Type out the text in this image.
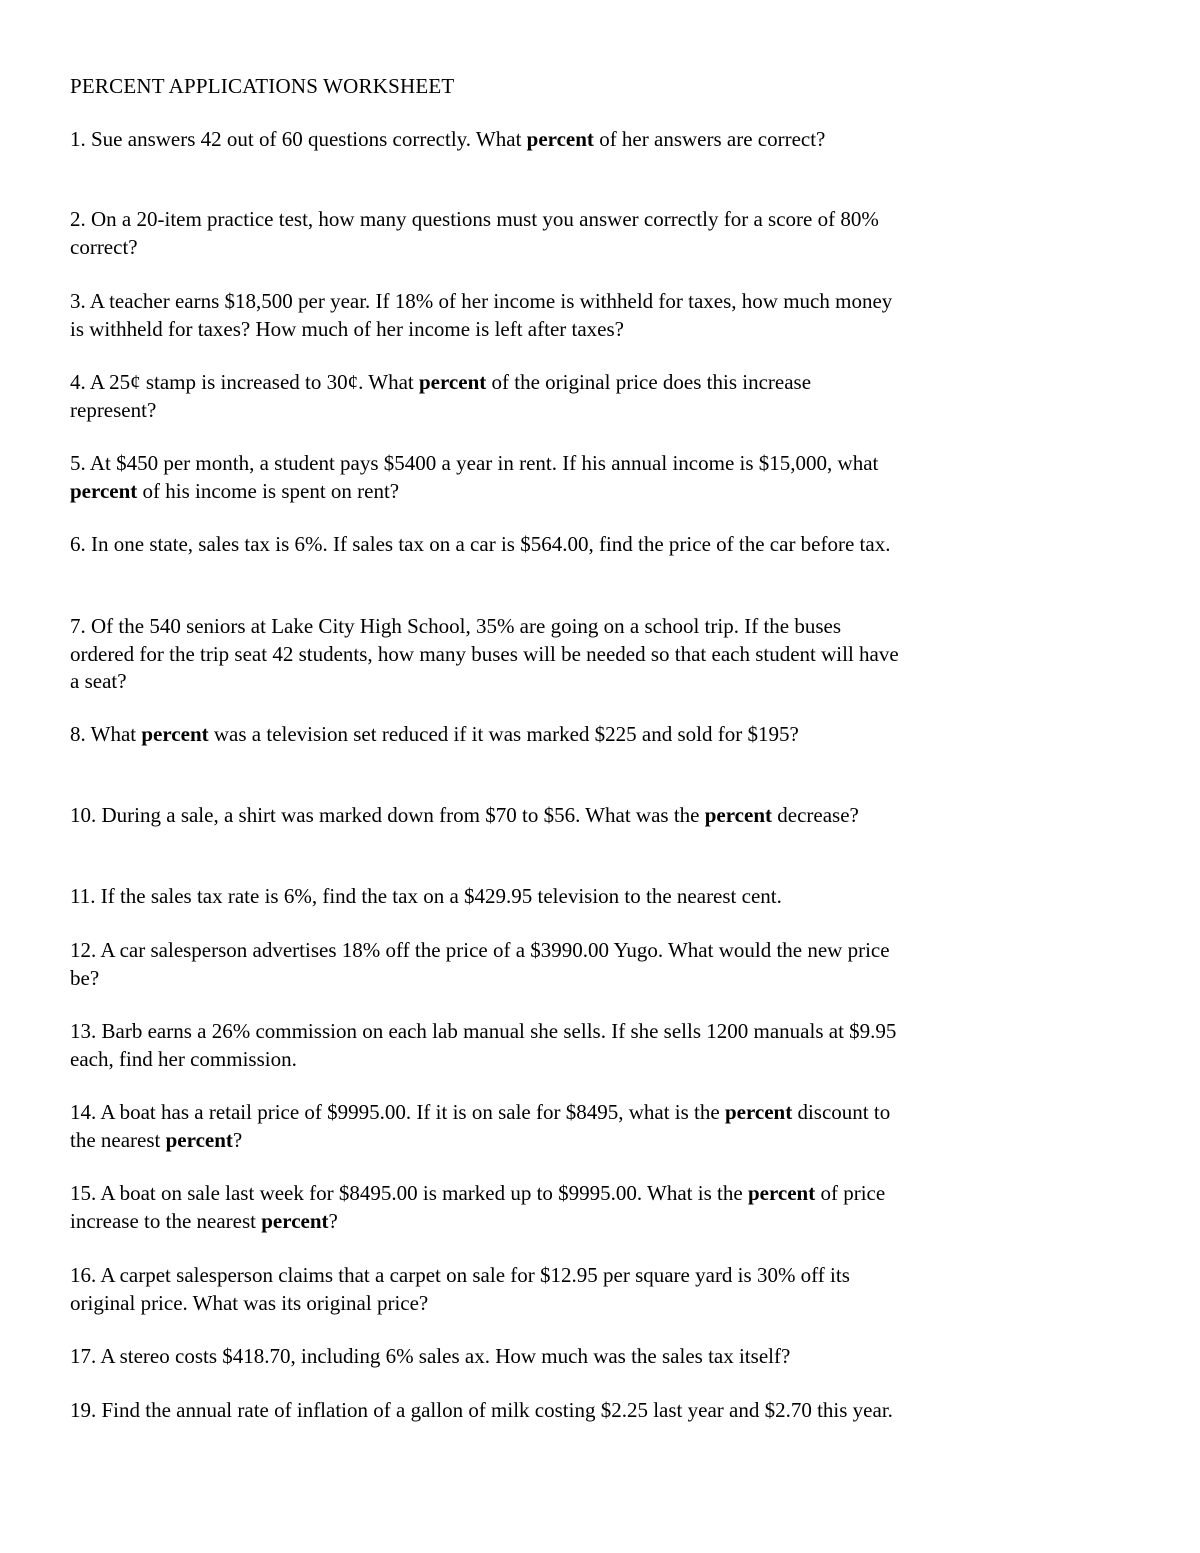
PERCENT APPLICATIONS WORKSHEET

1. Sue answers 42 out of 60 questions correctly. What percent of her answers are correct?

2. On a 20-item practice test, how many questions must you answer correctly for a score of 80% correct?

3. A teacher earns $18,500 per year. If 18% of her income is withheld for taxes, how much money is withheld for taxes? How much of her income is left after taxes?

4. A 25¢ stamp is increased to 30¢. What percent of the original price does this increase represent?

5. At $450 per month, a student pays $5400 a year in rent. If his annual income is $15,000, what percent of his income is spent on rent?

6. In one state, sales tax is 6%. If sales tax on a car is $564.00, find the price of the car before tax.

7. Of the 540 seniors at Lake City High School, 35% are going on a school trip. If the buses ordered for the trip seat 42 students, how many buses will be needed so that each student will have a seat?

8. What percent was a television set reduced if it was marked $225 and sold for $195?

10. During a sale, a shirt was marked down from $70 to $56. What was the percent decrease?

11. If the sales tax rate is 6%, find the tax on a $429.95 television to the nearest cent.

12. A car salesperson advertises 18% off the price of a $3990.00 Yugo. What would the new price be?

13. Barb earns a 26% commission on each lab manual she sells. If she sells 1200 manuals at $9.95 each, find her commission.

14. A boat has a retail price of $9995.00. If it is on sale for $8495, what is the percent discount to the nearest percent?

15. A boat on sale last week for $8495.00 is marked up to $9995.00. What is the percent of price increase to the nearest percent?

16. A carpet salesperson claims that a carpet on sale for $12.95 per square yard is 30% off its original price. What was its original price?

17. A stereo costs $418.70, including 6% sales ax. How much was the sales tax itself?

19. Find the annual rate of inflation of a gallon of milk costing $2.25 last year and $2.70 this year.
